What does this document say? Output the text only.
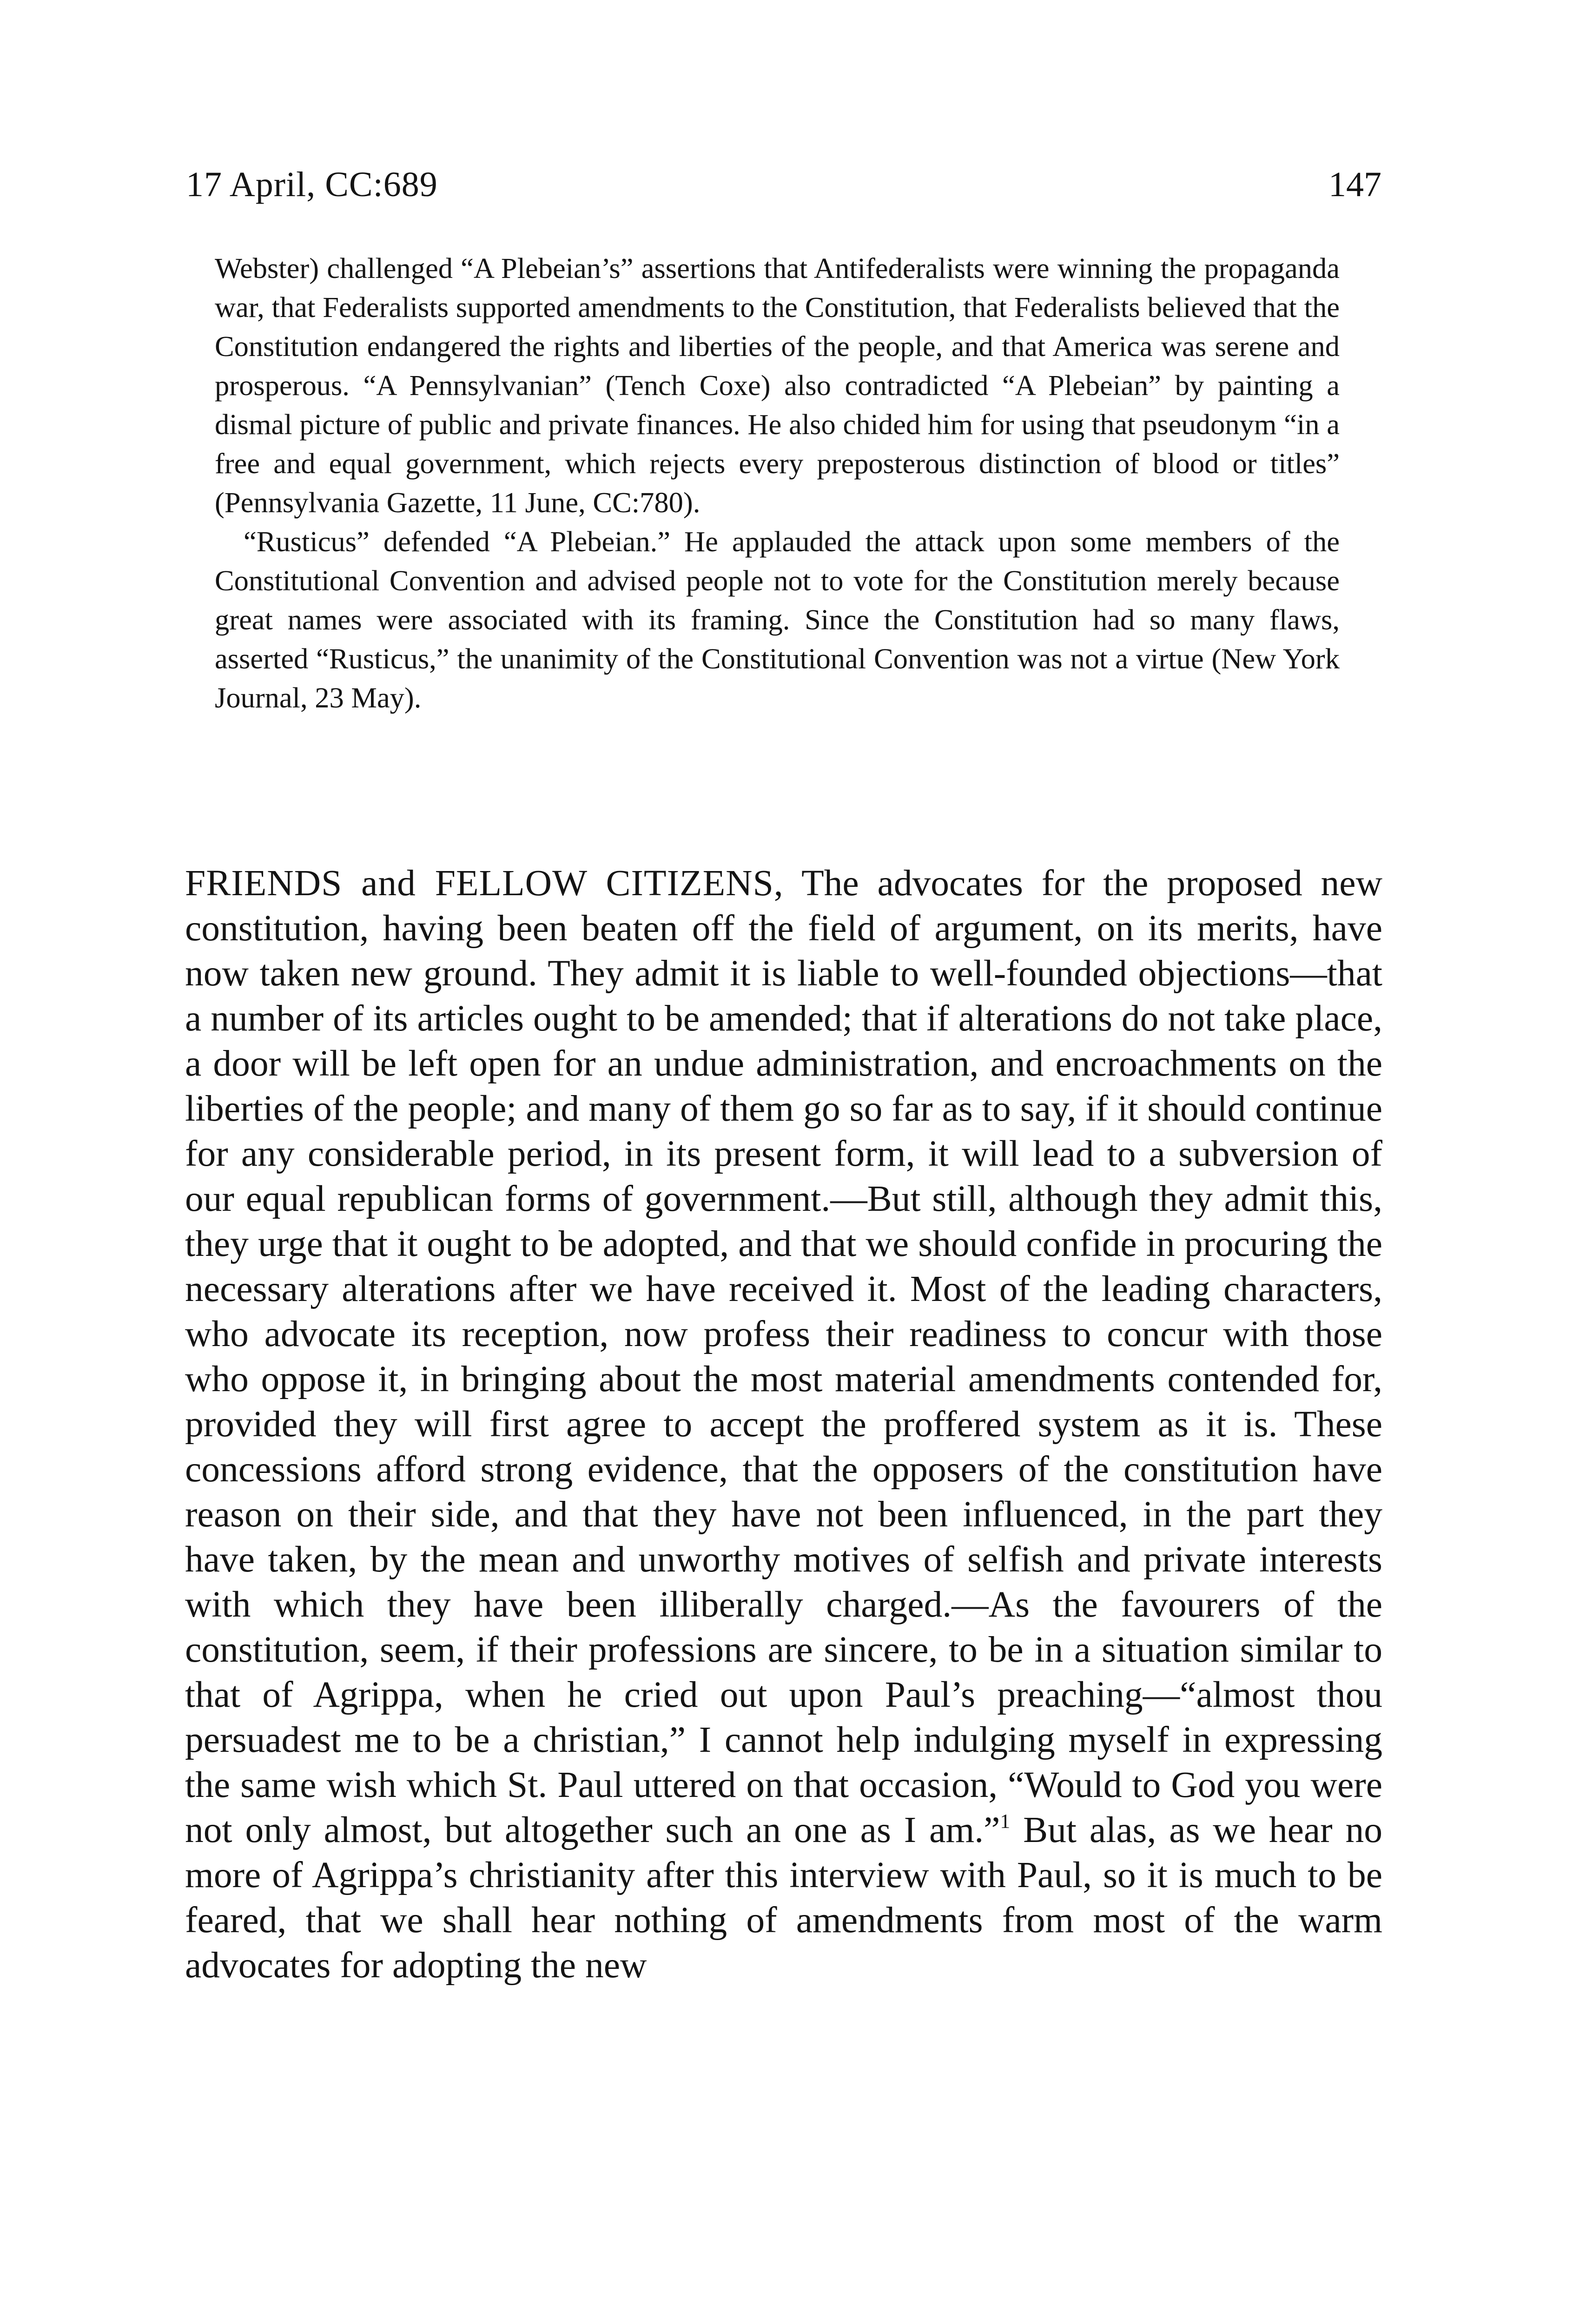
17 April, CC:689	147

Webster) challenged “A Plebeian’s” assertions that Antifederalists were winning the propaganda war, that Federalists supported amendments to the Constitution, that Federalists believed that the Constitution endangered the rights and liberties of the people, and that America was serene and prosperous. “A Pennsylvanian” (Tench Coxe) also contradicted “A Plebeian” by painting a dismal picture of public and private finances. He also chided him for using that pseudonym “in a free and equal government, which rejects every preposterous distinction of blood or titles” (Pennsylvania Gazette, 11 June, CC:780).

“Rusticus” defended “A Plebeian.” He applauded the attack upon some members of the Constitutional Convention and advised people not to vote for the Constitution merely because great names were associated with its framing. Since the Constitution had so many flaws, asserted “Rusticus,” the unanimity of the Constitutional Convention was not a virtue (New York Journal, 23 May).

FRIENDS and FELLOW CITIZENS, The advocates for the proposed new constitution, having been beaten off the field of argument, on its merits, have now taken new ground. They admit it is liable to well-founded objections—that a number of its articles ought to be amended; that if alterations do not take place, a door will be left open for an undue administration, and encroachments on the liberties of the people; and many of them go so far as to say, if it should continue for any considerable period, in its present form, it will lead to a subversion of our equal republican forms of government.—But still, although they admit this, they urge that it ought to be adopted, and that we should confide in procuring the necessary alterations after we have received it. Most of the leading characters, who advocate its reception, now profess their readiness to concur with those who oppose it, in bringing about the most material amendments contended for, provided they will first agree to accept the proffered system as it is. These concessions afford strong evidence, that the opposers of the constitution have reason on their side, and that they have not been influenced, in the part they have taken, by the mean and unworthy motives of selfish and private interests with which they have been illiberally charged.—As the favourers of the constitution, seem, if their professions are sincere, to be in a situation similar to that of Agrippa, when he cried out upon Paul’s preaching—“almost thou persuadest me to be a christian,” I cannot help indulging myself in expressing the same wish which St. Paul uttered on that occasion, “Would to God you were not only almost, but altogether such an one as I am.”$^1$ But alas, as we hear no more of Agrippa’s christianity after this interview with Paul, so it is much to be feared, that we shall hear nothing of amendments from most of the warm advocates for adopting the new
